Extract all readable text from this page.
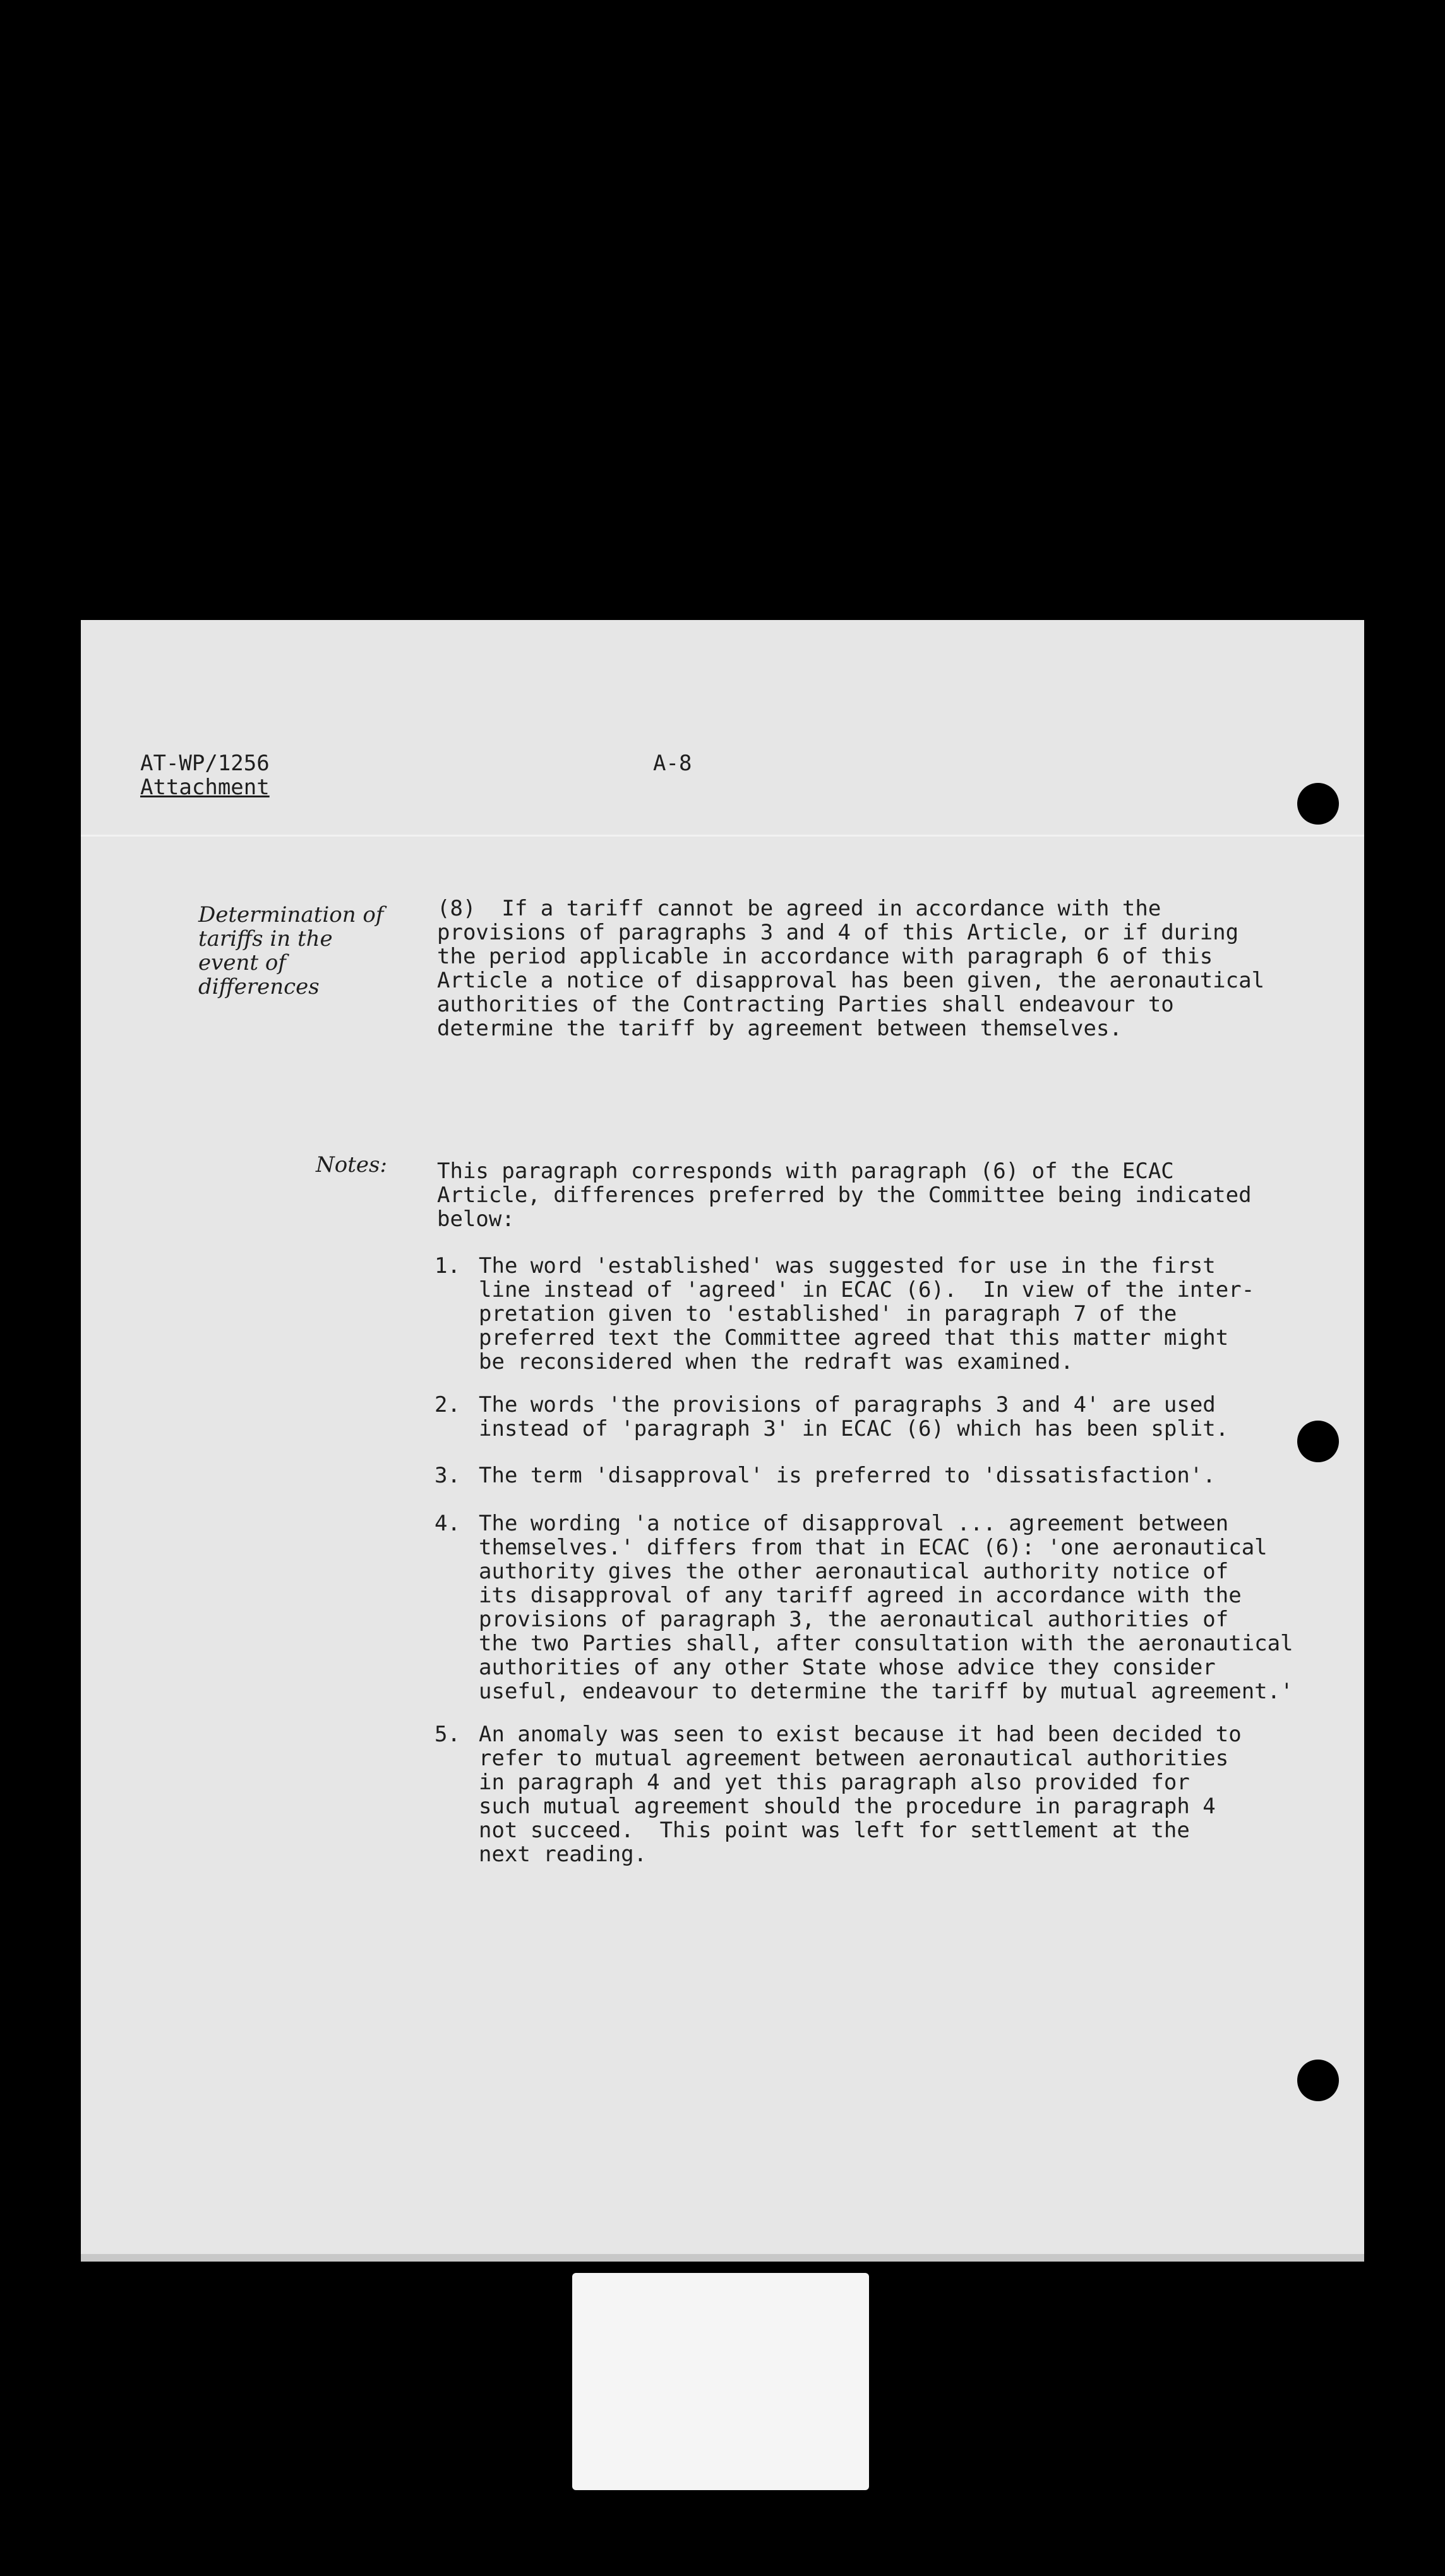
AT-WP/1256
Attachment
A-8
Determination of
tariffs in the
event of
differences
(8)  If a tariff cannot be agreed in accordance with the
provisions of paragraphs 3 and 4 of this Article, or if during
the period applicable in accordance with paragraph 6 of this
Article a notice of disapproval has been given, the aeronautical
authorities of the Contracting Parties shall endeavour to
determine the tariff by agreement between themselves.
Notes: This paragraph corresponds with paragraph (6) of the ECAC
Article, differences preferred by the Committee being indicated
below:
1. The word 'established' was suggested for use in the first
line instead of 'agreed' in ECAC (6).  In view of the inter-
pretation given to 'established' in paragraph 7 of the
preferred text the Committee agreed that this matter might
be reconsidered when the redraft was examined.
2. The words 'the provisions of paragraphs 3 and 4' are used
instead of 'paragraph 3' in ECAC (6) which has been split.
3. The term 'disapproval' is preferred to 'dissatisfaction'.
4. The wording 'a notice of disapproval ... agreement between
themselves.' differs from that in ECAC (6): 'one aeronautical
authority gives the other aeronautical authority notice of
its disapproval of any tariff agreed in accordance with the
provisions of paragraph 3, the aeronautical authorities of
the two Parties shall, after consultation with the aeronautical
authorities of any other State whose advice they consider
useful, endeavour to determine the tariff by mutual agreement.'
5. An anomaly was seen to exist because it had been decided to
refer to mutual agreement between aeronautical authorities
in paragraph 4 and yet this paragraph also provided for
such mutual agreement should the procedure in paragraph 4
not succeed.  This point was left for settlement at the
next reading.
